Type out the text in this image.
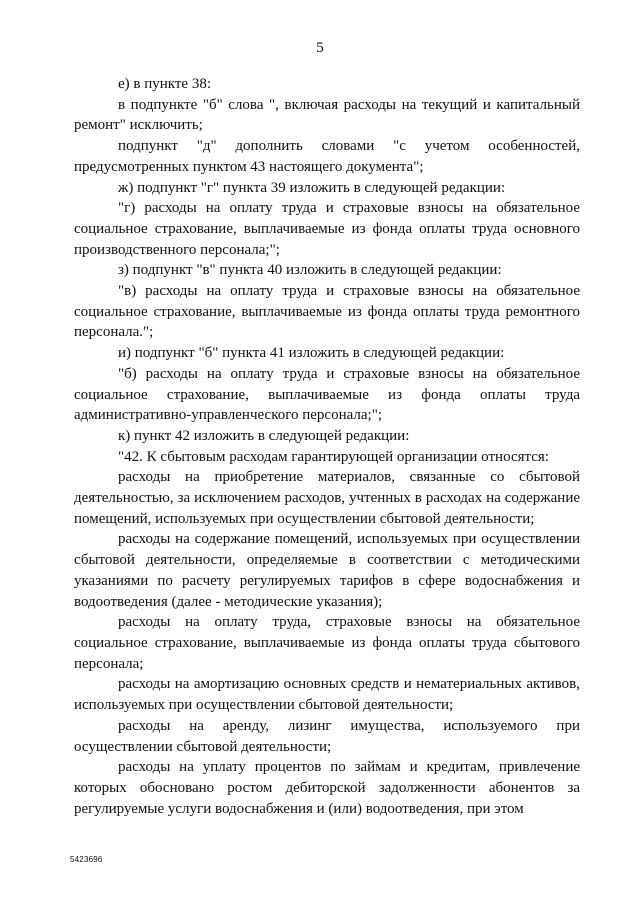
5

е) в пункте 38:

в подпункте "б" слова ", включая расходы на текущий и капитальный ремонт" исключить;

подпункт "д" дополнить словами "с учетом особенностей, предусмотренных пунктом 43 настоящего документа";

ж) подпункт "г" пункта 39 изложить в следующей редакции:

"г) расходы на оплату труда и страховые взносы на обязательное социальное страхование, выплачиваемые из фонда оплаты труда основного производственного персонала;";

з) подпункт "в" пункта 40 изложить в следующей редакции:

"в) расходы на оплату труда и страховые взносы на обязательное социальное страхование, выплачиваемые из фонда оплаты труда ремонтного персонала.";

и) подпункт "б" пункта 41 изложить в следующей редакции:

"б) расходы на оплату труда и страховые взносы на обязательное социальное страхование, выплачиваемые из фонда оплаты труда административно-управленческого персонала;";

к) пункт 42 изложить в следующей редакции:

"42. К сбытовым расходам гарантирующей организации относятся:

расходы на приобретение материалов, связанные со сбытовой деятельностью, за исключением расходов, учтенных в расходах на содержание помещений, используемых при осуществлении сбытовой деятельности;

расходы на содержание помещений, используемых при осуществлении сбытовой деятельности, определяемые в соответствии с методическими указаниями по расчету регулируемых тарифов в сфере водоснабжения и водоотведения (далее - методические указания);

расходы на оплату труда, страховые взносы на обязательное социальное страхование, выплачиваемые из фонда оплаты труда сбытового персонала;

расходы на амортизацию основных средств и нематериальных активов, используемых при осуществлении сбытовой деятельности;

расходы на аренду, лизинг имущества, используемого при осуществлении сбытовой деятельности;

расходы на уплату процентов по займам и кредитам, привлечение которых обосновано ростом дебиторской задолженности абонентов за регулируемые услуги водоснабжения и (или) водоотведения, при этом

5423696
